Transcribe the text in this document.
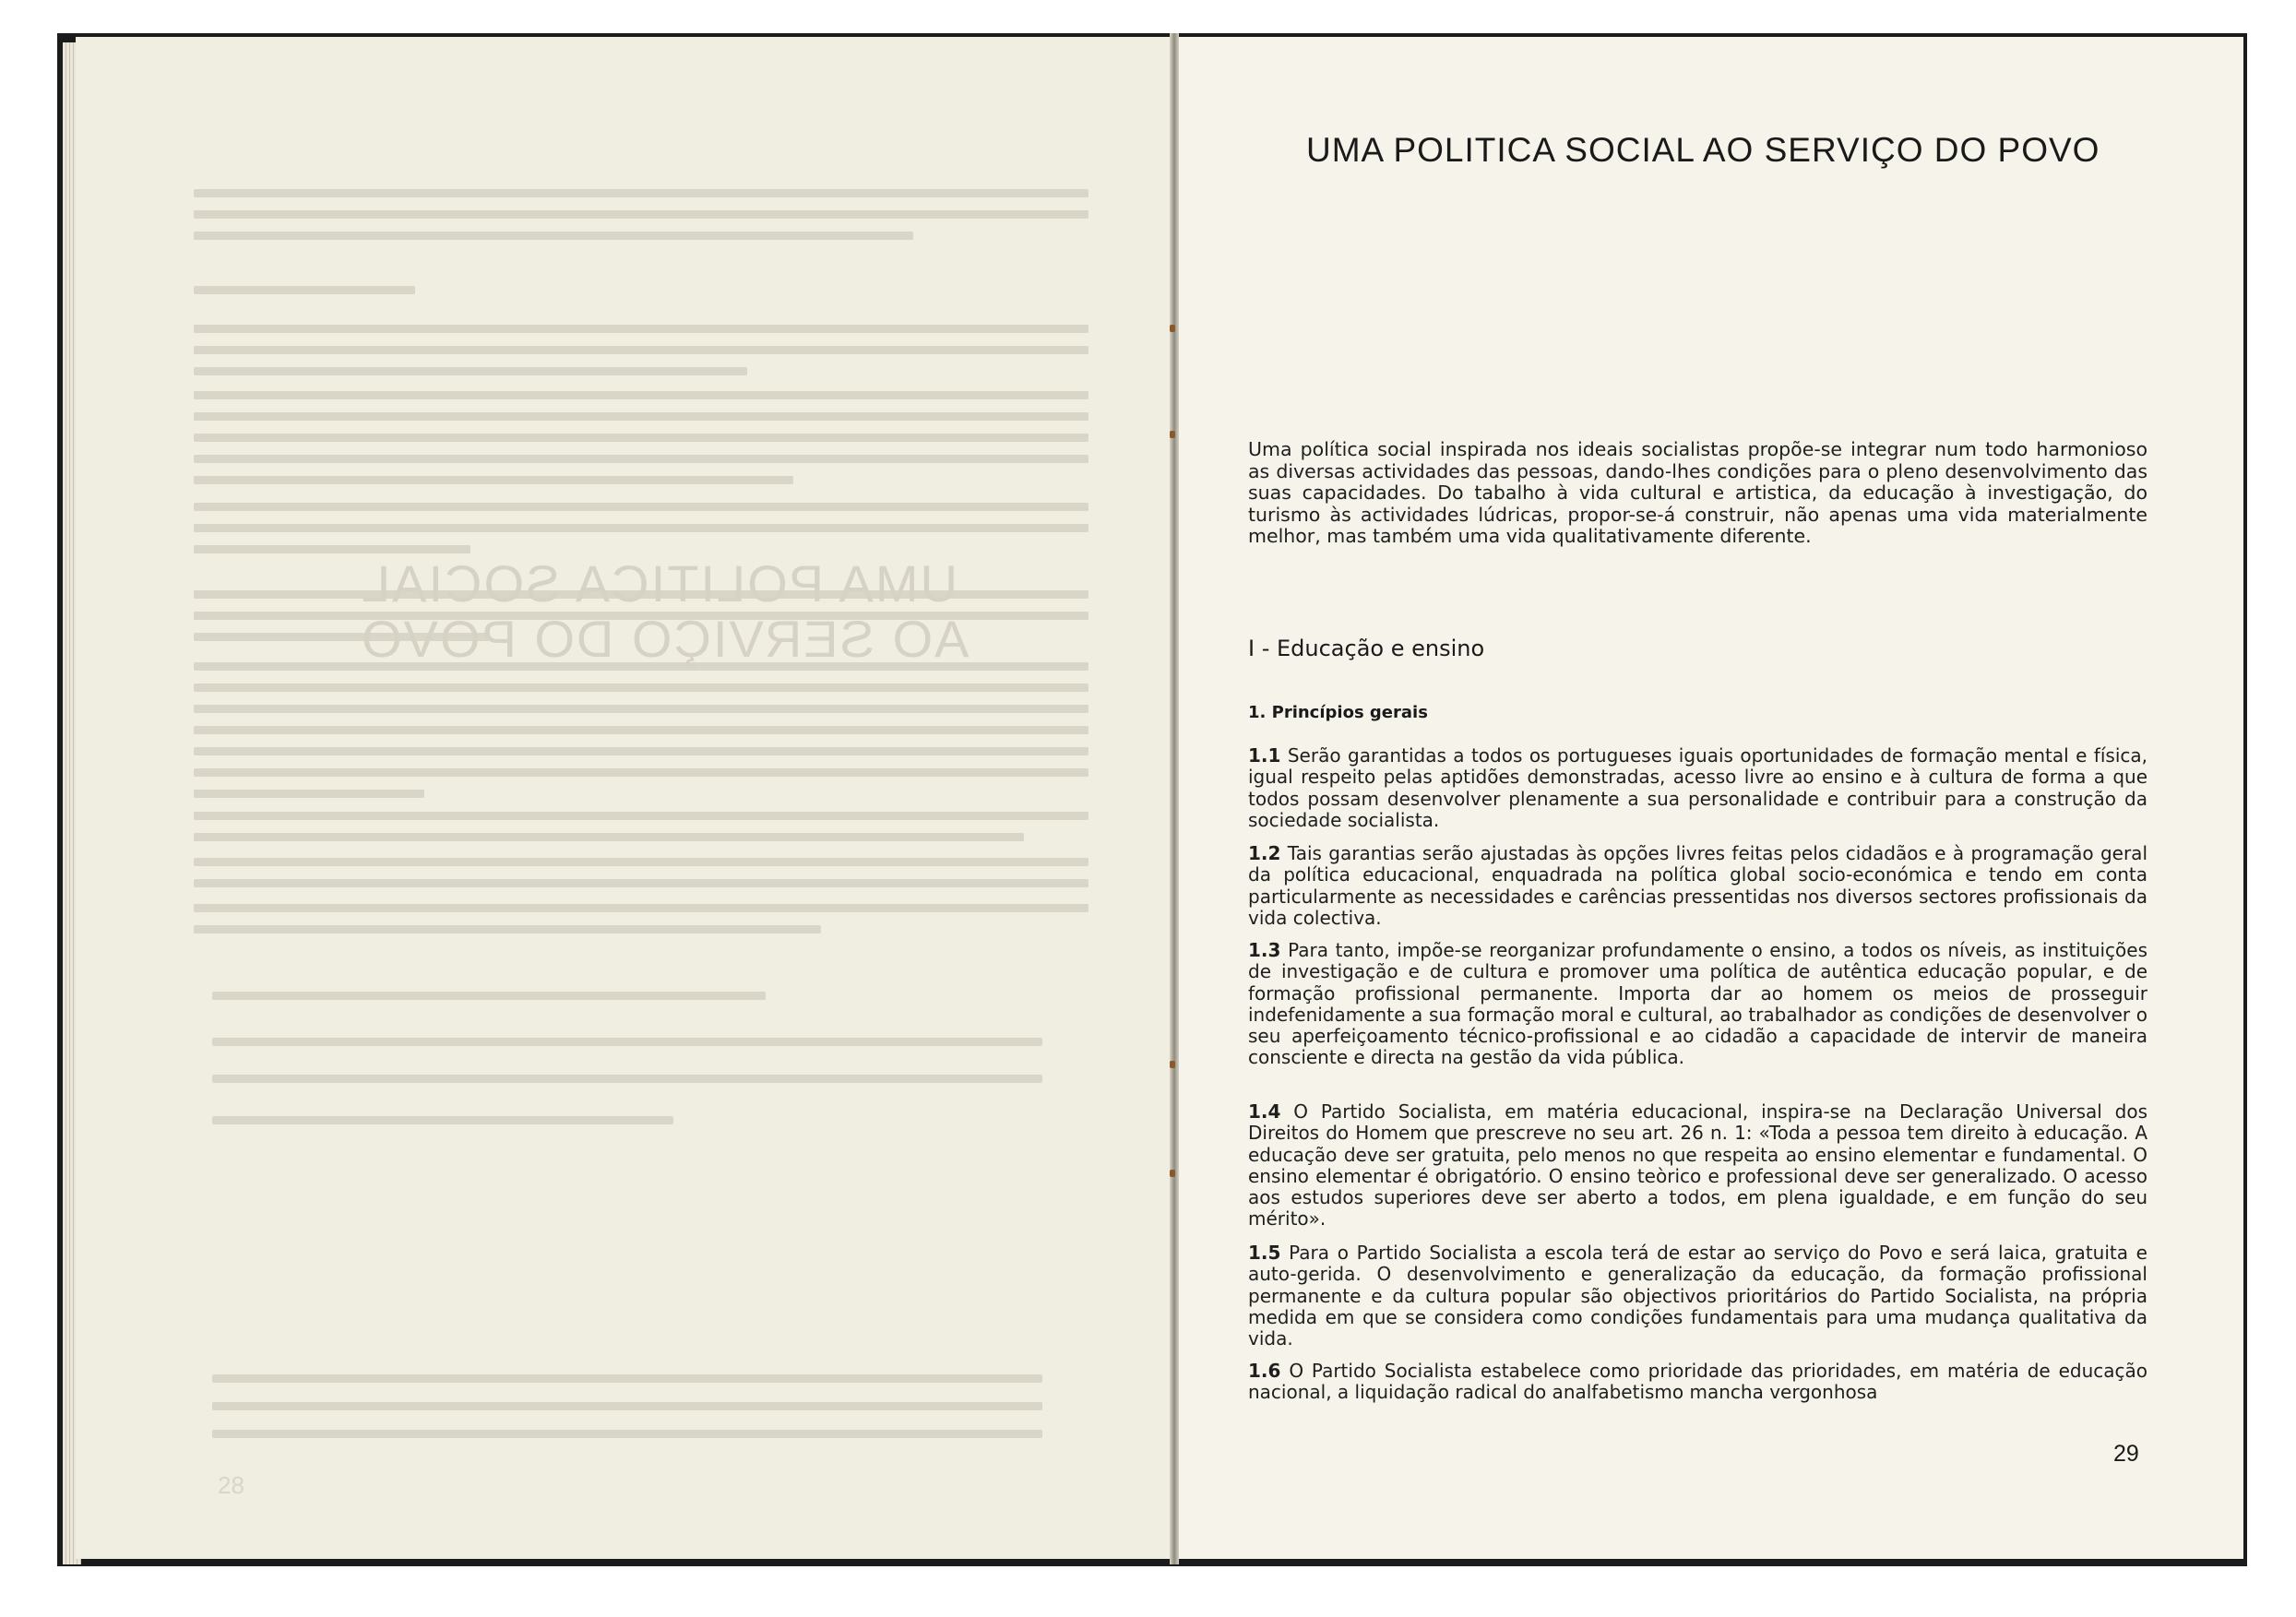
UMA POLITICA SOCIAL
AO SERVIÇO DO POVO
28
UMA POLITICA SOCIAL AO SERVIÇO DO POVO
Uma política social inspirada nos ideais socialistas propõe-se integrar num todo harmonioso as diversas actividades das pessoas, dando-lhes condições para o pleno desenvolvimento das suas capacidades. Do tabalho à vida cultural e artistica, da educação à investigação, do turismo às actividades lúdricas, propor-se-á construir, não apenas uma vida materialmente melhor, mas também uma vida qualitativamente diferente.
I - Educação e ensino
1. Princípios gerais
1.1 Serão garantidas a todos os portugueses iguais oportunidades de formação mental e física, igual respeito pelas aptidões demonstradas, acesso livre ao ensino e à cultura de forma a que todos possam desenvolver plenamente a sua personalidade e contribuir para a construção da sociedade socialista.
1.2 Tais garantias serão ajustadas às opções livres feitas pelos cidadãos e à programação geral da política educacional, enquadrada na política global socio-económica e tendo em conta particularmente as necessidades e carências pressentidas nos diversos sectores profissionais da vida colectiva.
1.3 Para tanto, impõe-se reorganizar profundamente o ensino, a todos os níveis, as instituições de investigação e de cultura e promover uma política de autêntica educação popular, e de formação profissional permanente. Importa dar ao homem os meios de prosseguir indefenidamente a sua formação moral e cultural, ao trabalhador as condições de desenvolver o seu aperfeiçoamento técnico-profissional e ao cidadão a capacidade de intervir de maneira consciente e directa na gestão da vida pública.
1.4 O Partido Socialista, em matéria educacional, inspira-se na Declaração Universal dos Direitos do Homem que prescreve no seu art. 26 n. 1: «Toda a pessoa tem direito à educação. A educação deve ser gratuita, pelo menos no que respeita ao ensino elementar e fundamental. O ensino elementar é obrigatório. O ensino teòrico e professional deve ser generalizado. O acesso aos estudos superiores deve ser aberto a todos, em plena igualdade, e em função do seu mérito».
1.5 Para o Partido Socialista a escola terá de estar ao serviço do Povo e será laica, gratuita e auto-gerida. O desenvolvimento e generalização da educação, da formação profissional permanente e da cultura popular são objectivos prioritários do Partido Socialista, na própria medida em que se considera como condições fundamentais para uma mudança qualitativa da vida.
1.6 O Partido Socialista estabelece como prioridade das prioridades, em matéria de educação nacional, a liquidação radical do analfabetismo mancha vergonhosa
29
